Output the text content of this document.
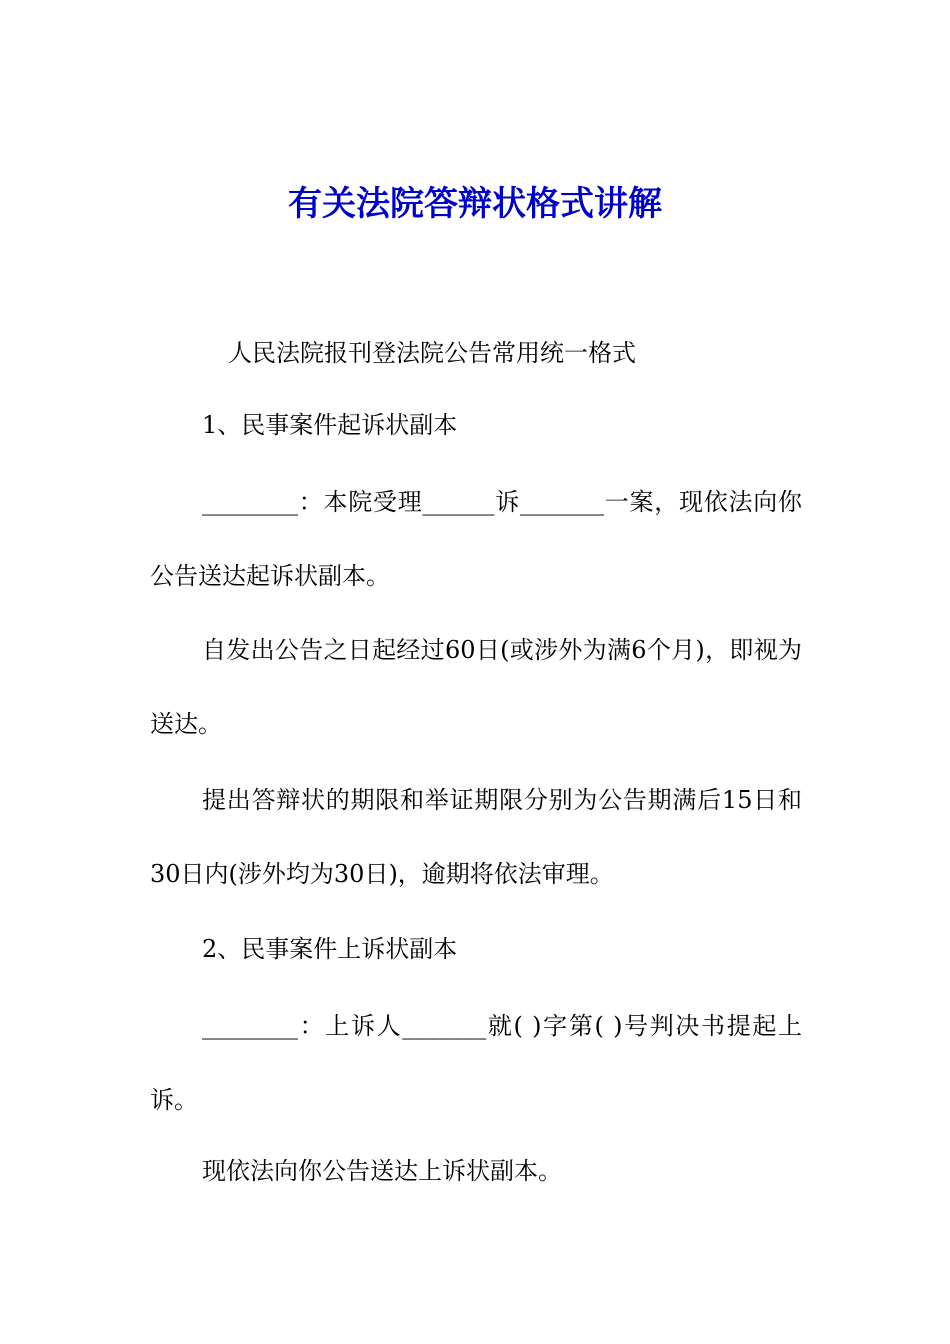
有关法院答辩状格式讲解

人民法院报刊登法院公告常用统一格式

1、民事案件起诉状副本

________：本院受理______诉_______一案，现依法向你公告送达起诉状副本。

自发出公告之日起经过60日(或涉外为满6个月)，即视为送达。

提出答辩状的期限和举证期限分别为公告期满后15日和30日内(涉外均为30日)，逾期将依法审理。

2、民事案件上诉状副本

________：上诉人_______就( )字第( )号判决书提起上诉。

现依法向你公告送达上诉状副本。
